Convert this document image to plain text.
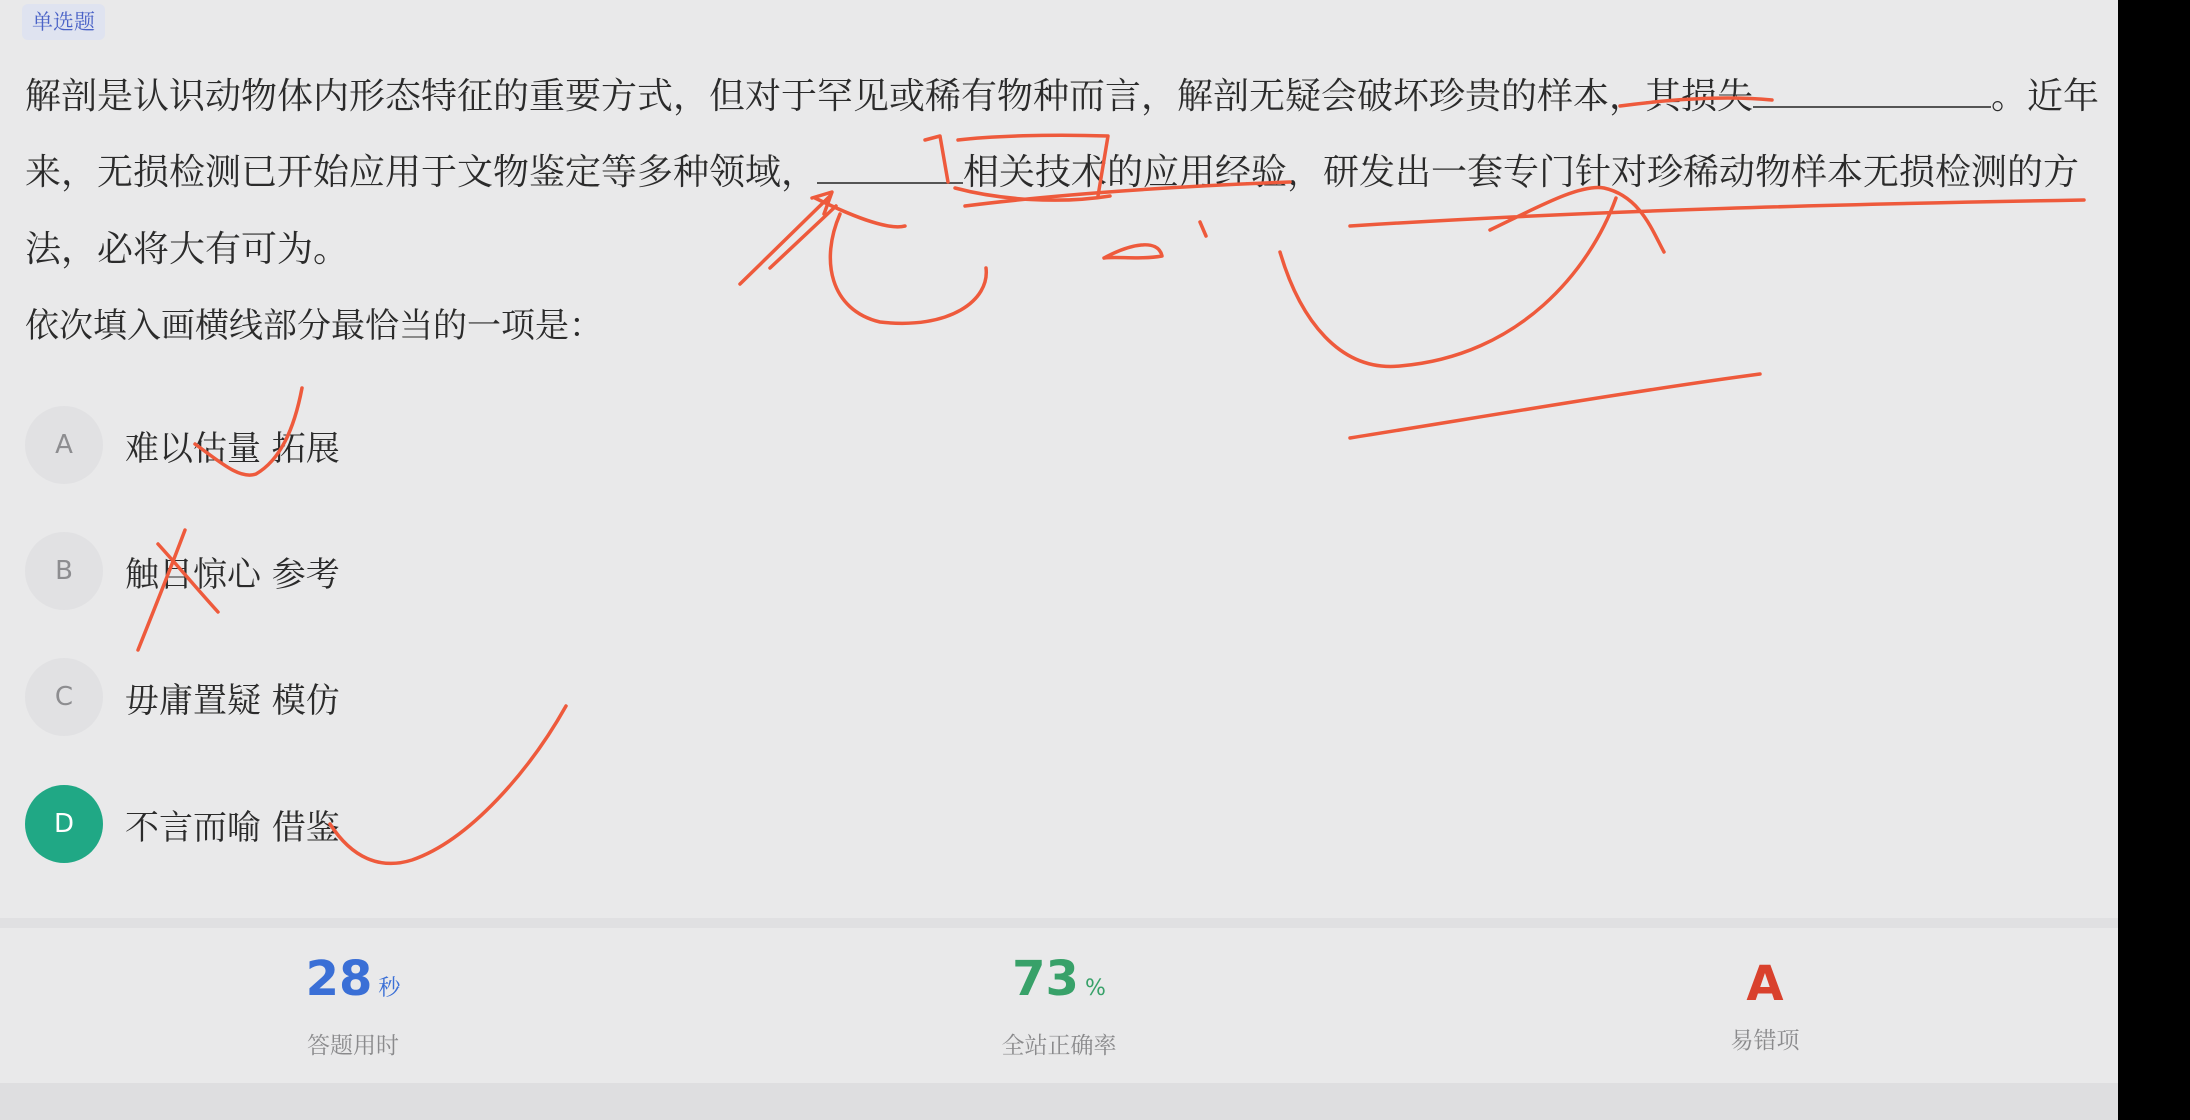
单选题
解剖是认识动物体内形态特征的重要方式，但对于罕见或稀有物种而言，解剖无疑会破坏珍贵的样本，其损失	。近年
来，无损检测已开始应用于文物鉴定等多种领域，	相关技术的应用经验，研发出一套专门针对珍稀动物样本无损检测的方
法，必将大有可为。
依次填入画横线部分最恰当的一项是：
A	难以估量 拓展
B	触目惊心 参考
C	毋庸置疑 模仿
D	不言而喻 借鉴
28 秒
答题用时
73 %
全站正确率
A
易错项
